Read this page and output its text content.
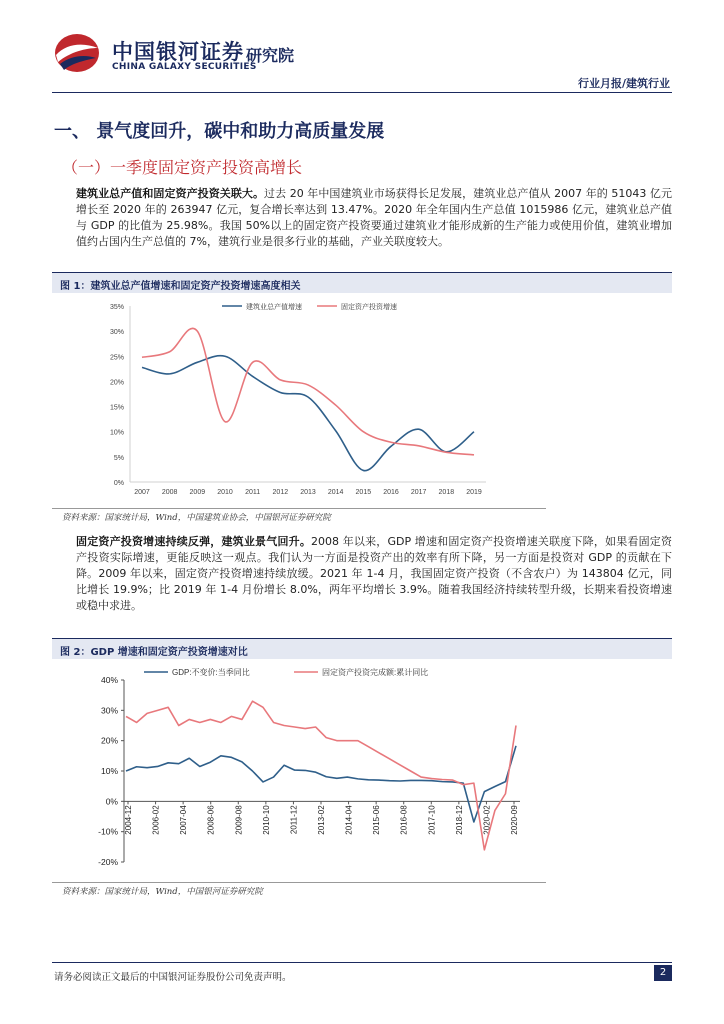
中国银河证券
CHINA GALAXY SECURITIES
研究院
行业月报/建筑行业
一、 景气度回升，碳中和助力高质量发展
（一）一季度固定资产投资高增长
建筑业总产值和固定资产投资关联大。过去 20 年中国建筑业市场获得长足发展，建筑业总产值从 2007 年的 51043 亿元增长至 2020 年的 263947 亿元，复合增长率达到 13.47%。2020 年全年国内生产总值 1015986 亿元，建筑业总产值与 GDP 的比值为 25.98%。我国 50%以上的固定资产投资要通过建筑业才能形成新的生产能力或使用价值，建筑业增加值约占国内生产总值的 7%，建筑行业是很多行业的基础，产业关联度较大。
图 1：建筑业总产值增速和固定资产投资增速高度相关
0%
5%
10%
15%
20%
25%
30%
35%
2007 2008 2009 2010 2011 2012 2013 2014 2015 2016 2017 2018 2019
建筑业总产值增速	固定资产投资增速
资料来源：国家统计局，Wind，中国建筑业协会，中国银河证券研究院
固定资产投资增速持续反弹，建筑业景气回升。2008 年以来，GDP 增速和固定资产投资增速关联度下降，如果看固定资产投资实际增速，更能反映这一观点。我们认为一方面是投资产出的效率有所下降，另一方面是投资对 GDP 的贡献在下降。2009 年以来，固定资产投资增速持续放缓。2021 年 1-4 月，我国固定资产投资（不含农户）为 143804 亿元，同比增长 19.9%；比 2019 年 1-4 月份增长 8.0%，两年平均增长 3.9%。随着我国经济持续转型升级，长期来看投资增速或稳中求进。
图 2：GDP 增速和固定资产投资增速对比
-20%
-10%
0%
10%
20%
30%
40%
2004-12 2006-02 2007-04 2008-06 2009-08 2010-10 2011-12 2013-02 2014-04 2015-06 2016-08 2017-10 2018-12 2020-02 2020-09
GDP:不变价:当季同比	固定资产投资完成额:累计同比
资料来源：国家统计局，Wind，中国银河证券研究院
请务必阅读正文最后的中国银河证券股份公司免责声明。	2
